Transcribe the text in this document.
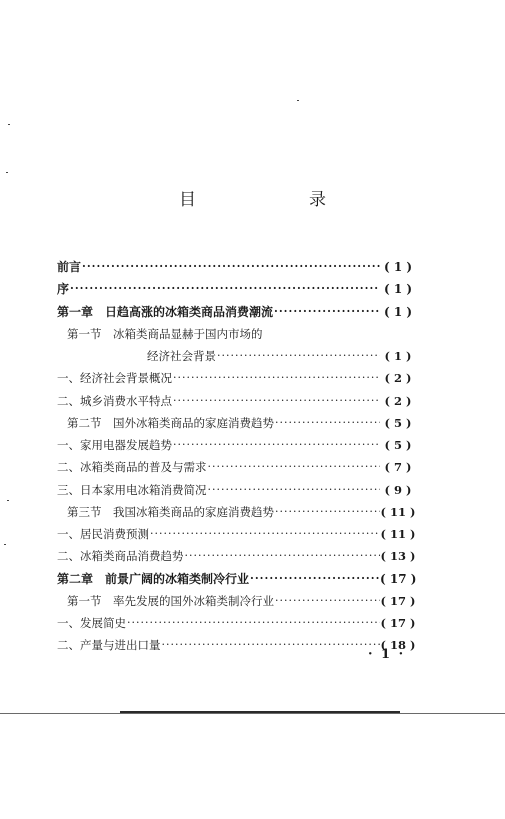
目　录
前言 ·····	( 1 )
序 ·····	( 1 )
第一章　日趋高涨的冰箱类商品消费潮流 ·····	( 1 )
第一节　冰箱类商品显赫于国内市场的
经济社会背景 ·····	( 1 )
一、经济社会背景概况 ·····	( 2 )
二、城乡消费水平特点 ·····	( 2 )
第二节　国外冰箱类商品的家庭消费趋势 ·····	( 5 )
一、家用电器发展趋势 ·····	( 5 )
二、冰箱类商品的普及与需求 ·····	( 7 )
三、日本家用电冰箱消费简况 ·····	( 9 )
第三节　我国冰箱类商品的家庭消费趋势 ·····	( 11 )
一、居民消费预测 ·····	( 11 )
二、冰箱类商品消费趋势 ·····	( 13 )
第二章　前景广阔的冰箱类制冷行业 ·····	( 17 )
第一节　率先发展的国外冰箱类制冷行业 ·····	( 17 )
一、发展简史 ·····	( 17 )
二、产量与进出口量 ·····	( 18 )
· 1 ·
